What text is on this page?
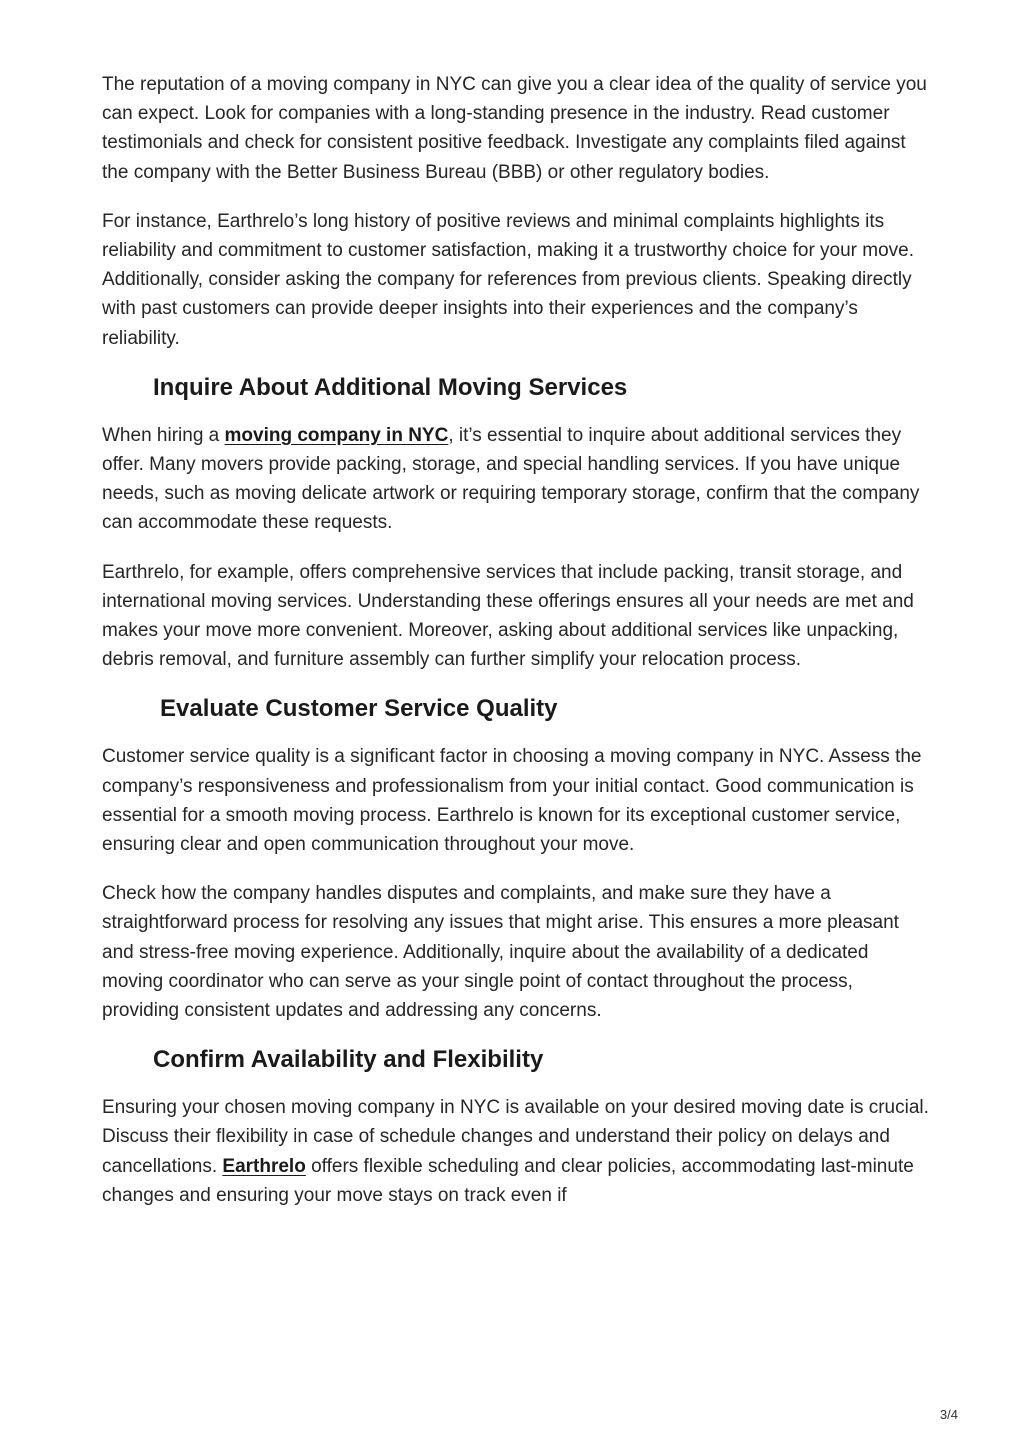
The reputation of a moving company in NYC can give you a clear idea of the quality of service you can expect. Look for companies with a long-standing presence in the industry. Read customer testimonials and check for consistent positive feedback. Investigate any complaints filed against the company with the Better Business Bureau (BBB) or other regulatory bodies.

For instance, Earthrelo’s long history of positive reviews and minimal complaints highlights its reliability and commitment to customer satisfaction, making it a trustworthy choice for your move. Additionally, consider asking the company for references from previous clients. Speaking directly with past customers can provide deeper insights into their experiences and the company’s reliability.

Inquire About Additional Moving Services

When hiring a moving company in NYC, it’s essential to inquire about additional services they offer. Many movers provide packing, storage, and special handling services. If you have unique needs, such as moving delicate artwork or requiring temporary storage, confirm that the company can accommodate these requests.

Earthrelo, for example, offers comprehensive services that include packing, transit storage, and international moving services. Understanding these offerings ensures all your needs are met and makes your move more convenient. Moreover, asking about additional services like unpacking, debris removal, and furniture assembly can further simplify your relocation process.

Evaluate Customer Service Quality

Customer service quality is a significant factor in choosing a moving company in NYC. Assess the company’s responsiveness and professionalism from your initial contact. Good communication is essential for a smooth moving process. Earthrelo is known for its exceptional customer service, ensuring clear and open communication throughout your move.

Check how the company handles disputes and complaints, and make sure they have a straightforward process for resolving any issues that might arise. This ensures a more pleasant and stress-free moving experience. Additionally, inquire about the availability of a dedicated moving coordinator who can serve as your single point of contact throughout the process, providing consistent updates and addressing any concerns.

Confirm Availability and Flexibility

Ensuring your chosen moving company in NYC is available on your desired moving date is crucial. Discuss their flexibility in case of schedule changes and understand their policy on delays and cancellations. Earthrelo offers flexible scheduling and clear policies, accommodating last-minute changes and ensuring your move stays on track even if

3/4
